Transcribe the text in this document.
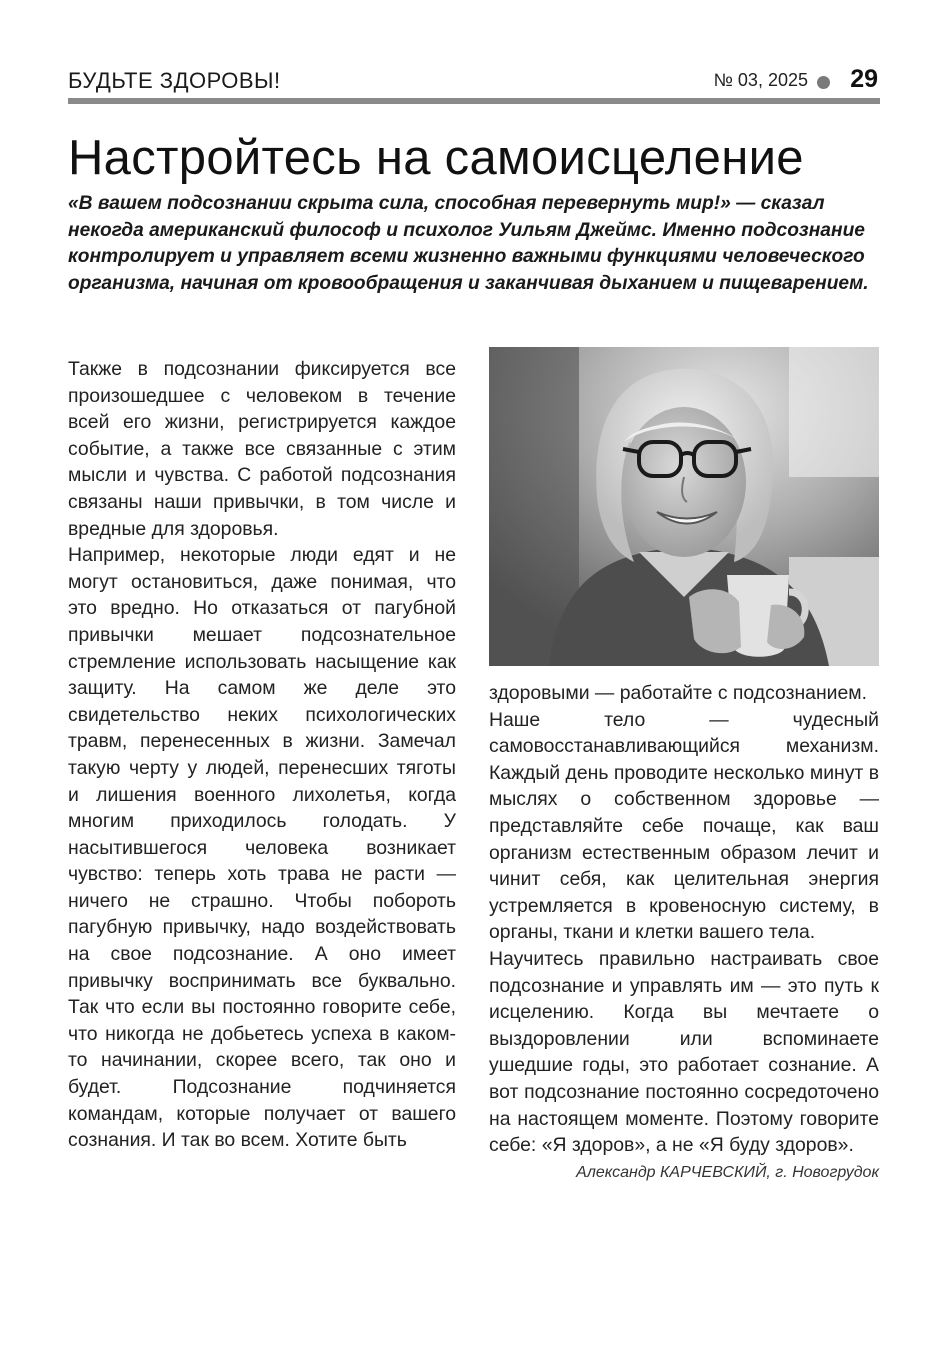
БУДЬТЕ ЗДОРОВЫ!	№ 03, 2025 29
Настройтесь на самоисцеление

«В вашем подсознании скрыта сила, способная перевернуть мир!» — сказал некогда американский философ и психолог Уильям Джеймс. Именно подсознание контролирует и управляет всеми жизненно важными функциями человеческого организма, начиная от кровообращения и заканчивая дыханием и пищеварением.

Также в подсознании фиксируется все произошедшее с человеком в течение всей его жизни, регистрируется каждое событие, а также все связанные с этим мысли и чувства. С работой подсознания связаны наши привычки, в том числе и вредные для здоровья.

Например, некоторые люди едят и не могут остановиться, даже понимая, что это вредно. Но отказаться от пагубной привычки мешает подсознательное стремление использовать насыщение как защиту. На самом же деле это свидетельство неких психологических травм, перенесенных в жизни. Замечал такую черту у людей, перенесших тяготы и лишения военного лихолетья, когда многим приходилось голодать. У насытившегося человека возникает чувство: теперь хоть трава не расти — ничего не страшно. Чтобы побороть пагубную привычку, надо воздействовать на свое подсознание. А оно имеет привычку воспринимать все буквально. Так что если вы постоянно говорите себе, что никогда не добьетесь успеха в каком-то начинании, скорее всего, так оно и будет. Подсознание подчиняется командам, которые получает от вашего сознания. И так во всем. Хотите быть

здоровыми — работайте с подсознанием.

Наше тело — чудесный самовосстанавливающийся механизм. Каждый день проводите несколько минут в мыслях о собственном здоровье — представляйте себе почаще, как ваш организм естественным образом лечит и чинит себя, как целительная энергия устремляется в кровеносную систему, в органы, ткани и клетки вашего тела.

Научитесь правильно настраивать свое подсознание и управлять им — это путь к исцелению. Когда вы мечтаете о выздоровлении или вспоминаете ушедшие годы, это работает сознание. А вот подсознание постоянно сосредоточено на настоящем моменте. Поэтому говорите себе: «Я здоров», а не «Я буду здоров».

Александр КАРЧЕВСКИЙ, г. Новогрудок
